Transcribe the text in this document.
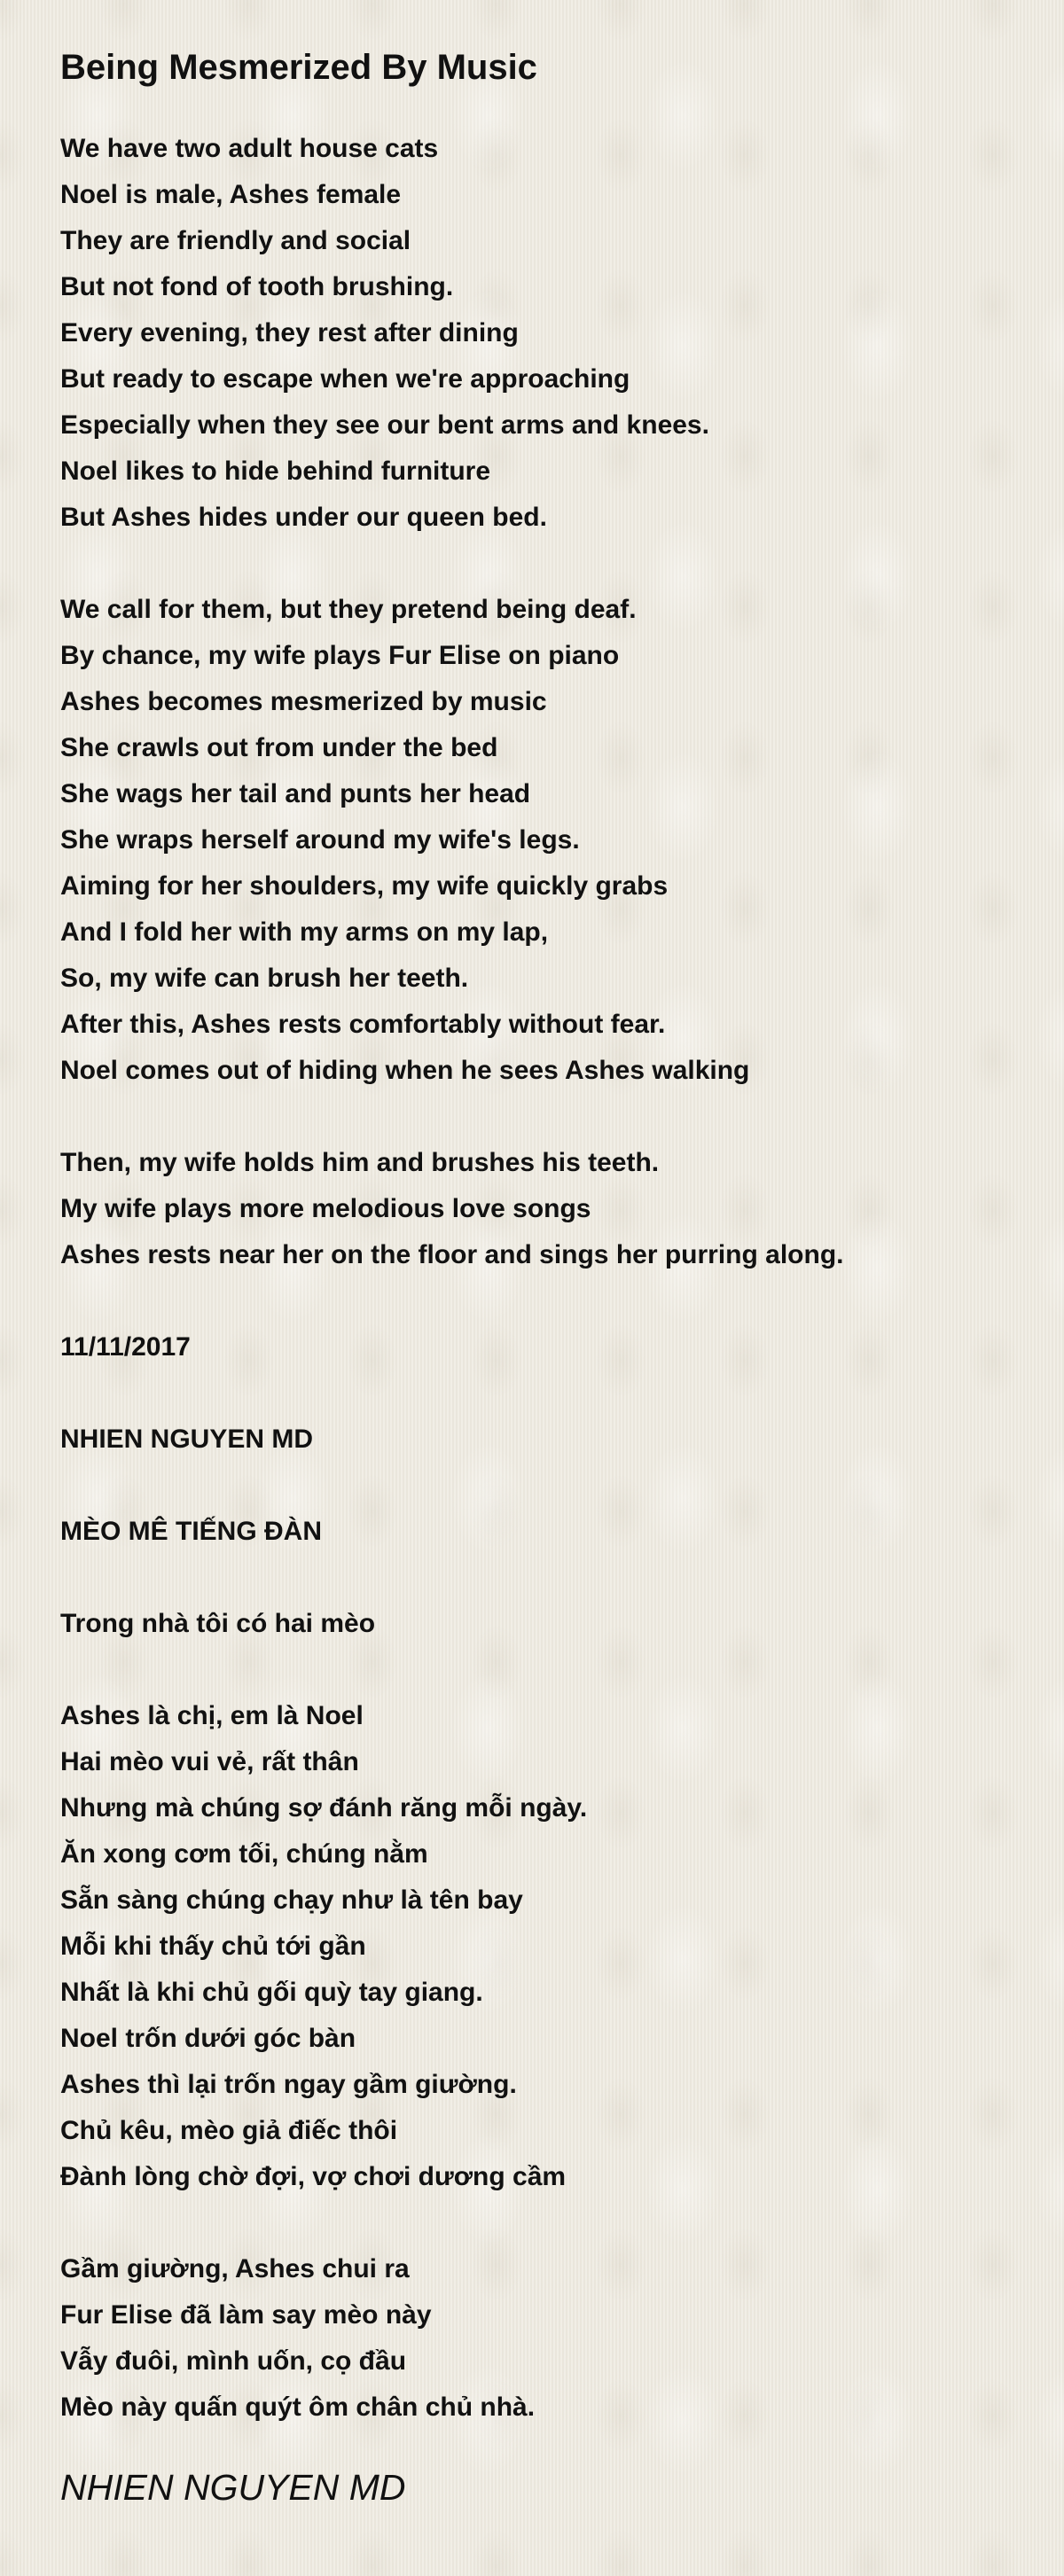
Being Mesmerized By Music
We have two adult house cats
Noel is male, Ashes female
They are friendly and social
But not fond of tooth brushing.
Every evening, they rest after dining
But ready to escape when we're approaching
Especially when they see our bent arms and knees.
Noel likes to hide behind furniture
But Ashes hides under our queen bed.
We call for them, but they pretend being deaf.
By chance, my wife plays Fur Elise on piano
Ashes becomes mesmerized by music
She crawls out from under the bed
She wags her tail and punts her head
She wraps herself around my wife's legs.
Aiming for her shoulders, my wife quickly grabs
And I fold her with my arms on my lap,
So, my wife can brush her teeth.
After this, Ashes rests comfortably without fear.
Noel comes out of hiding when he sees Ashes walking
Then, my wife holds him and brushes his teeth.
My wife plays more melodious love songs
Ashes rests near her on the floor and sings her purring along.
11/11/2017
NHIEN NGUYEN MD
MÈO MÊ TIẾNG ĐÀN
Trong nhà tôi có hai mèo
Ashes là chị, em là Noel
Hai mèo vui vẻ, rất thân
Nhưng mà chúng sợ đánh răng mỗi ngày.
Ăn xong cơm tối, chúng nằm
Sẵn sàng chúng chạy như là tên bay
Mỗi khi thấy chủ tới gần
Nhất là khi chủ gối quỳ tay giang.
Noel trốn dưới góc bàn
Ashes thì lại trốn ngay gầm giường.
Chủ kêu, mèo giả điếc thôi
Đành lòng chờ đợi, vợ chơi dương cầm
Gầm giường, Ashes chui ra
Fur Elise đã làm say mèo này
Vẫy đuôi, mình uốn, cọ đầu
Mèo này quấn quýt ôm chân chủ nhà.
NHIEN NGUYEN MD
